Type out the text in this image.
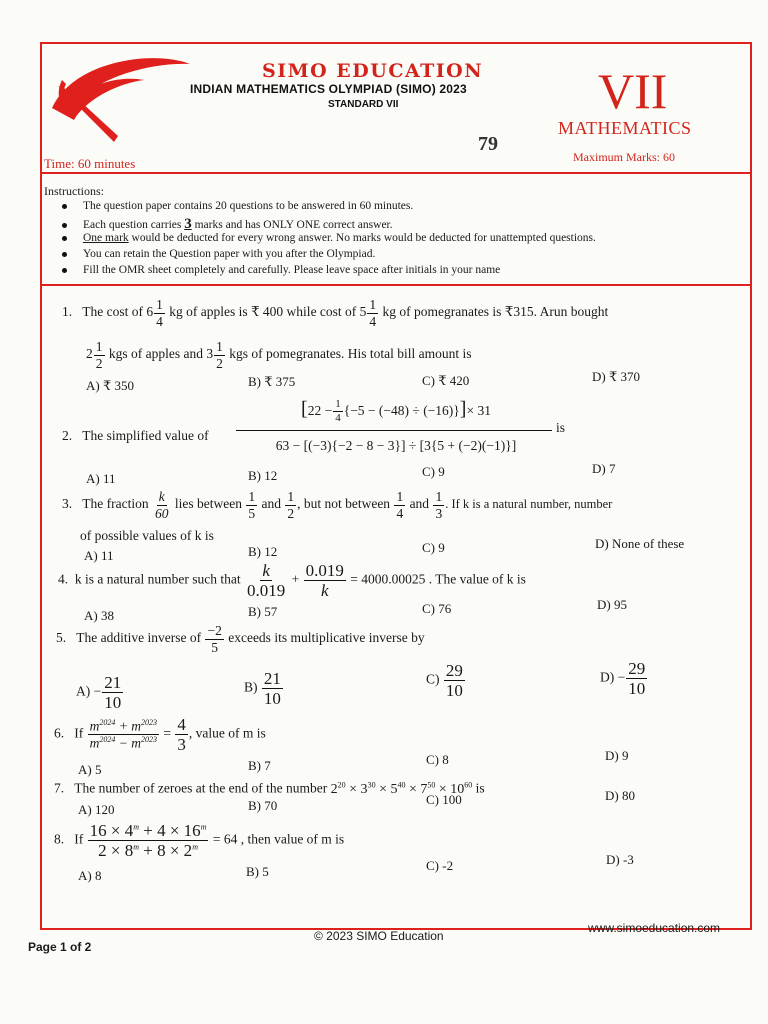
SIMO EDUCATION
INDIAN MATHEMATICS OLYMPIAD (SIMO) 2023
STANDARD VII	VII
MATHEMATICS
79
Time: 60 minutes	Maximum Marks: 60
Instructions:
The question paper contains 20 questions to be answered in 60 minutes.
Each question carries 3 marks and has ONLY ONE correct answer.
One mark would be deducted for every wrong answer. No marks would be deducted for unattempted questions.
You can retain the Question paper with you after the Olympiad.
Fill the OMR sheet completely and carefully. Please leave space after initials in your name
1. The cost of $6 \frac{1}{4}$ kg of apples is ₹ 400 while cost of $5 \frac{1}{4}$ kg of pomegranates is ₹315. Arun bought
$2 \frac{1}{2}$ kgs of apples and $3 \frac{1}{2}$ kgs of pomegranates. His total bill amount is
A) ₹ 350	B) ₹ 375	C) ₹ 420	D) ₹ 370
2. The simplified value of
$[22 - \frac{1}{4} \{-5 - (-48) \div (-16)\}]\times 31$
63 − [(−3){−2 − 8 − 3}] ÷ [3{5 + (−2)(−1)}]
is
A) 11	B) 12	C) 9	D) 7
3. The fraction $\frac{k}{60}$ lies between $\frac{1}{5}$ and $\frac{1}{2}$ , but not between $\frac{1}{4}$ and $\frac{1}{3}$ . If k is a natural number, number
of possible values of k is
A) 11	B) 12	C) 9	D) None of these
4. k is a natural number such that $\frac{k}{0.019} + \frac{0.019}{k} = 4000.00025$ . The value of k is
A) 38	B) 57	C) 76	D) 95
5. The additive inverse of $\frac{-2}{5}$ exceeds its multiplicative inverse by
$A) - \frac{21}{10}$	$B) \frac{21}{10}$	$C) \frac{29}{10}$	$D) - \frac{29}{10}$
6. If $\frac{m^{2024} + m^{2023}}{m^{2024} - m^{2023}} = \frac{4}{3}$ , value of m is
A) 5	B) 7	C) 8	D) 9
7. The number of zeroes at the end of the number $2^{20} \times 3^{30} \times 5^{40} \times 7^{50} \times 10^{60}$ is
A) 120	B) 70	C) 100	D) 80
8. If $\frac{16 \times 4^m + 4 \times 16^m}{2 \times 8^m + 8 \times 2^m} = 64$ , then value of m is
A) 8	B) 5	C) -2	D) -3
Page 1 of 2
© 2023 SIMO Education
www.simoeducation.com
